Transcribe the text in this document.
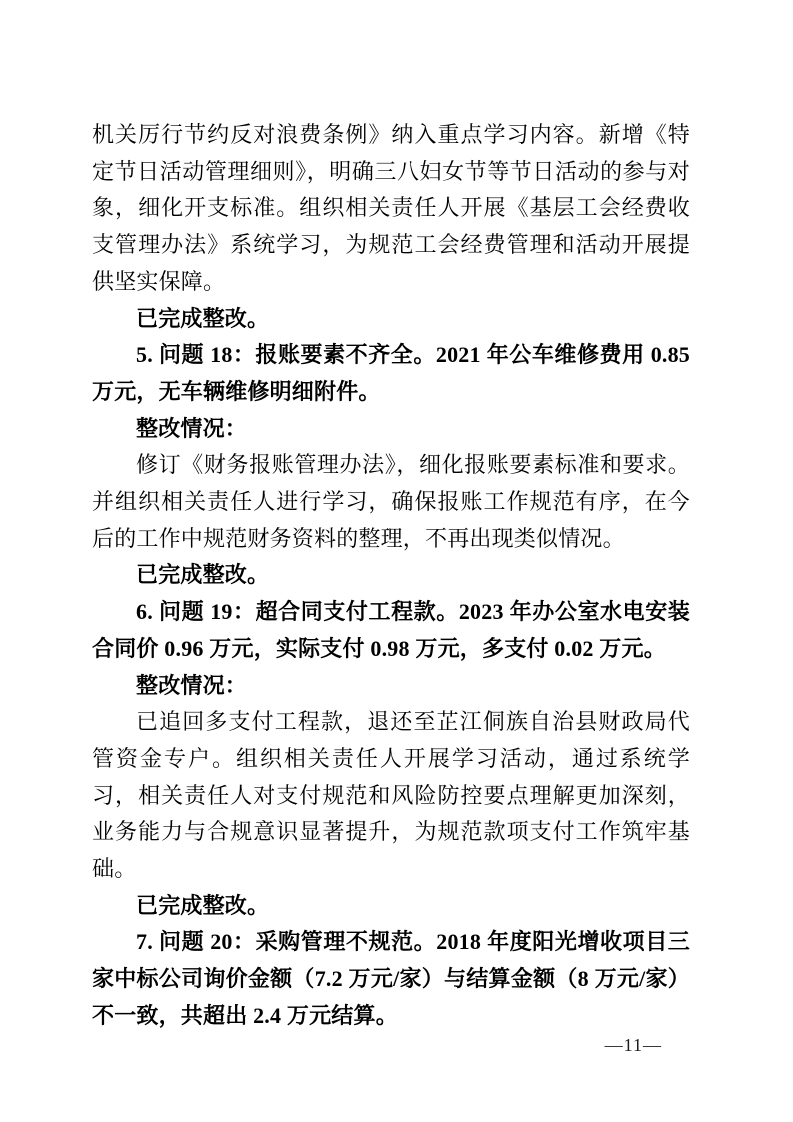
机关厉行节约反对浪费条例》纳入重点学习内容。新增《特定节日活动管理细则》，明确三八妇女节等节日活动的参与对象，细化开支标准。组织相关责任人开展《基层工会经费收支管理办法》系统学习，为规范工会经费管理和活动开展提供坚实保障。

已完成整改。

5. 问题 18：报账要素不齐全。2021 年公车维修费用 0.85 万元，无车辆维修明细附件。

整改情况：

修订《财务报账管理办法》，细化报账要素标准和要求。并组织相关责任人进行学习，确保报账工作规范有序，在今后的工作中规范财务资料的整理，不再出现类似情况。

已完成整改。

6. 问题 19：超合同支付工程款。2023 年办公室水电安装合同价 0.96 万元，实际支付 0.98 万元，多支付 0.02 万元。

整改情况：

已追回多支付工程款，退还至芷江侗族自治县财政局代管资金专户。组织相关责任人开展学习活动，通过系统学习，相关责任人对支付规范和风险防控要点理解更加深刻，业务能力与合规意识显著提升，为规范款项支付工作筑牢基础。

已完成整改。

7. 问题 20：采购管理不规范。2018 年度阳光增收项目三家中标公司询价金额（7.2 万元/家）与结算金额（8 万元/家）不一致，共超出 2.4 万元结算。

—11—
